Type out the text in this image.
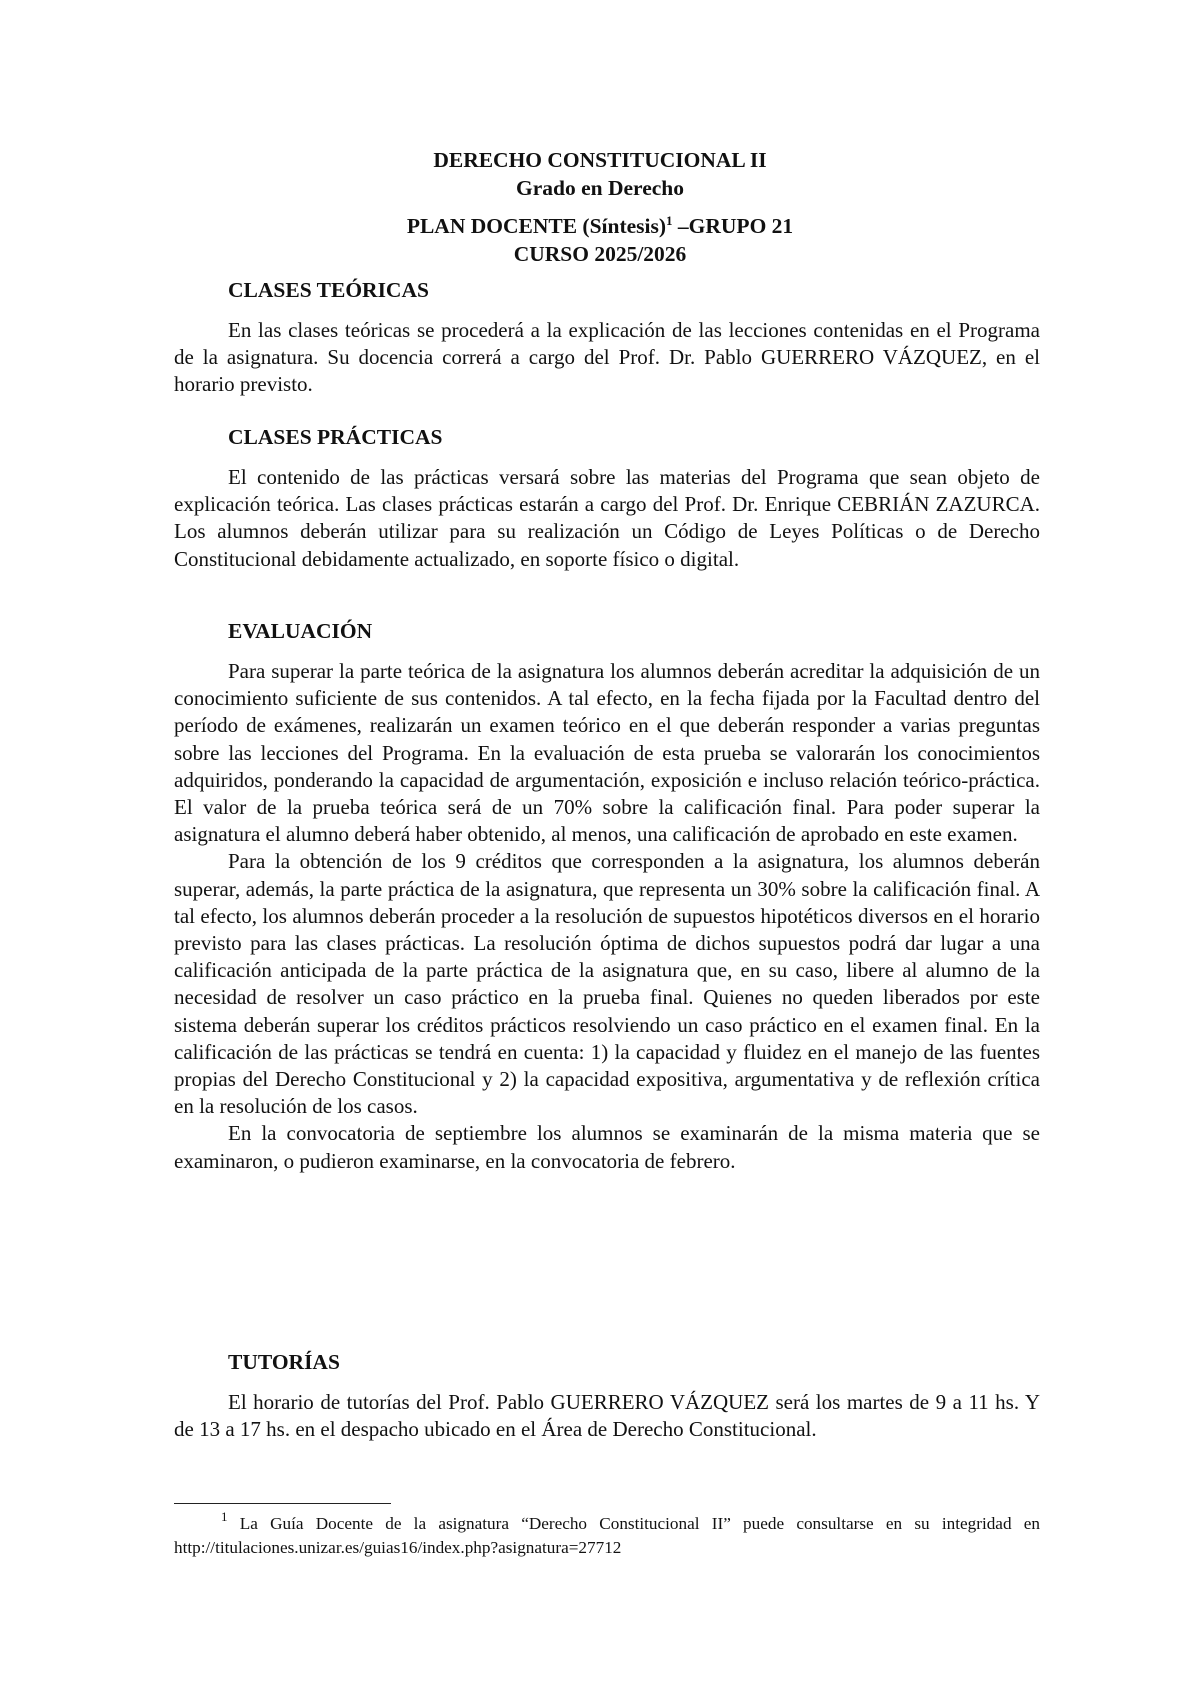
DERECHO CONSTITUCIONAL II
Grado en Derecho
PLAN DOCENTE (Síntesis)$^1$ –GRUPO 21
CURSO 2025/2026
CLASES TEÓRICAS

En las clases teóricas se procederá a la explicación de las lecciones contenidas en el Programa de la asignatura. Su docencia correrá a cargo del Prof. Dr. Pablo GUERRERO VÁZQUEZ, en el horario previsto.

CLASES PRÁCTICAS

El contenido de las prácticas versará sobre las materias del Programa que sean objeto de explicación teórica. Las clases prácticas estarán a cargo del Prof. Dr. Enrique CEBRIÁN ZAZURCA. Los alumnos deberán utilizar para su realización un Código de Leyes Políticas o de Derecho Constitucional debidamente actualizado, en soporte físico o digital.

EVALUACIÓN

Para superar la parte teórica de la asignatura los alumnos deberán acreditar la adquisición de un conocimiento suficiente de sus contenidos. A tal efecto, en la fecha fijada por la Facultad dentro del período de exámenes, realizarán un examen teórico en el que deberán responder a varias preguntas sobre las lecciones del Programa. En la evaluación de esta prueba se valorarán los conocimientos adquiridos, ponderando la capacidad de argumentación, exposición e incluso relación teórico-práctica. El valor de la prueba teórica será de un 70% sobre la calificación final. Para poder superar la asignatura el alumno deberá haber obtenido, al menos, una calificación de aprobado en este examen.

Para la obtención de los 9 créditos que corresponden a la asignatura, los alumnos deberán superar, además, la parte práctica de la asignatura, que representa un 30% sobre la calificación final. A tal efecto, los alumnos deberán proceder a la resolución de supuestos hipotéticos diversos en el horario previsto para las clases prácticas. La resolución óptima de dichos supuestos podrá dar lugar a una calificación anticipada de la parte práctica de la asignatura que, en su caso, libere al alumno de la necesidad de resolver un caso práctico en la prueba final. Quienes no queden liberados por este sistema deberán superar los créditos prácticos resolviendo un caso práctico en el examen final. En la calificación de las prácticas se tendrá en cuenta: 1) la capacidad y fluidez en el manejo de las fuentes propias del Derecho Constitucional y 2) la capacidad expositiva, argumentativa y de reflexión crítica en la resolución de los casos.

En la convocatoria de septiembre los alumnos se examinarán de la misma materia que se examinaron, o pudieron examinarse, en la convocatoria de febrero.

TUTORÍAS

El horario de tutorías del Prof. Pablo GUERRERO VÁZQUEZ será los martes de 9 a 11 hs. Y de 13 a 17 hs. en el despacho ubicado en el Área de Derecho Constitucional.

$^1$ La Guía Docente de la asignatura “Derecho Constitucional II” puede consultarse en su integridad en http://titulaciones.unizar.es/guias16/index.php?asignatura=27712
